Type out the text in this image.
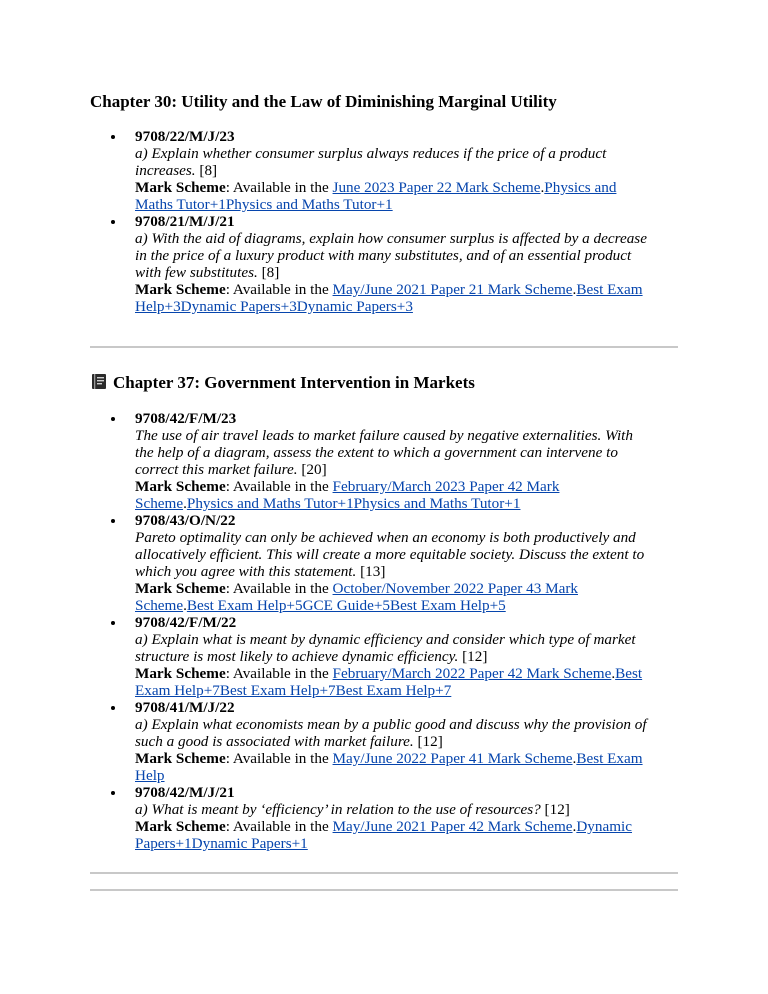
Chapter 30: Utility and the Law of Diminishing Marginal Utility
9708/22/M/J/23
a) Explain whether consumer surplus always reduces if the price of a product increases. [8]
Mark Scheme: Available in the June 2023 Paper 22 Mark Scheme.Physics and Maths Tutor+1Physics and Maths Tutor+1
9708/21/M/J/21
a) With the aid of diagrams, explain how consumer surplus is affected by a decrease in the price of a luxury product with many substitutes, and of an essential product with few substitutes. [8]
Mark Scheme: Available in the May/June 2021 Paper 21 Mark Scheme.Best Exam Help+3Dynamic Papers+3Dynamic Papers+3
Chapter 37: Government Intervention in Markets
9708/42/F/M/23
The use of air travel leads to market failure caused by negative externalities. With the help of a diagram, assess the extent to which a government can intervene to correct this market failure. [20]
Mark Scheme: Available in the February/March 2023 Paper 42 Mark Scheme.Physics and Maths Tutor+1Physics and Maths Tutor+1
9708/43/O/N/22
Pareto optimality can only be achieved when an economy is both productively and allocatively efficient. This will create a more equitable society. Discuss the extent to which you agree with this statement. [13]
Mark Scheme: Available in the October/November 2022 Paper 43 Mark Scheme.Best Exam Help+5GCE Guide+5Best Exam Help+5
9708/42/F/M/22
a) Explain what is meant by dynamic efficiency and consider which type of market structure is most likely to achieve dynamic efficiency. [12]
Mark Scheme: Available in the February/March 2022 Paper 42 Mark Scheme.Best Exam Help+7Best Exam Help+7Best Exam Help+7
9708/41/M/J/22
a) Explain what economists mean by a public good and discuss why the provision of such a good is associated with market failure. [12]
Mark Scheme: Available in the May/June 2022 Paper 41 Mark Scheme.Best Exam Help
9708/42/M/J/21
a) What is meant by ‘efficiency’ in relation to the use of resources? [12]
Mark Scheme: Available in the May/June 2021 Paper 42 Mark Scheme.Dynamic Papers+1Dynamic Papers+1
